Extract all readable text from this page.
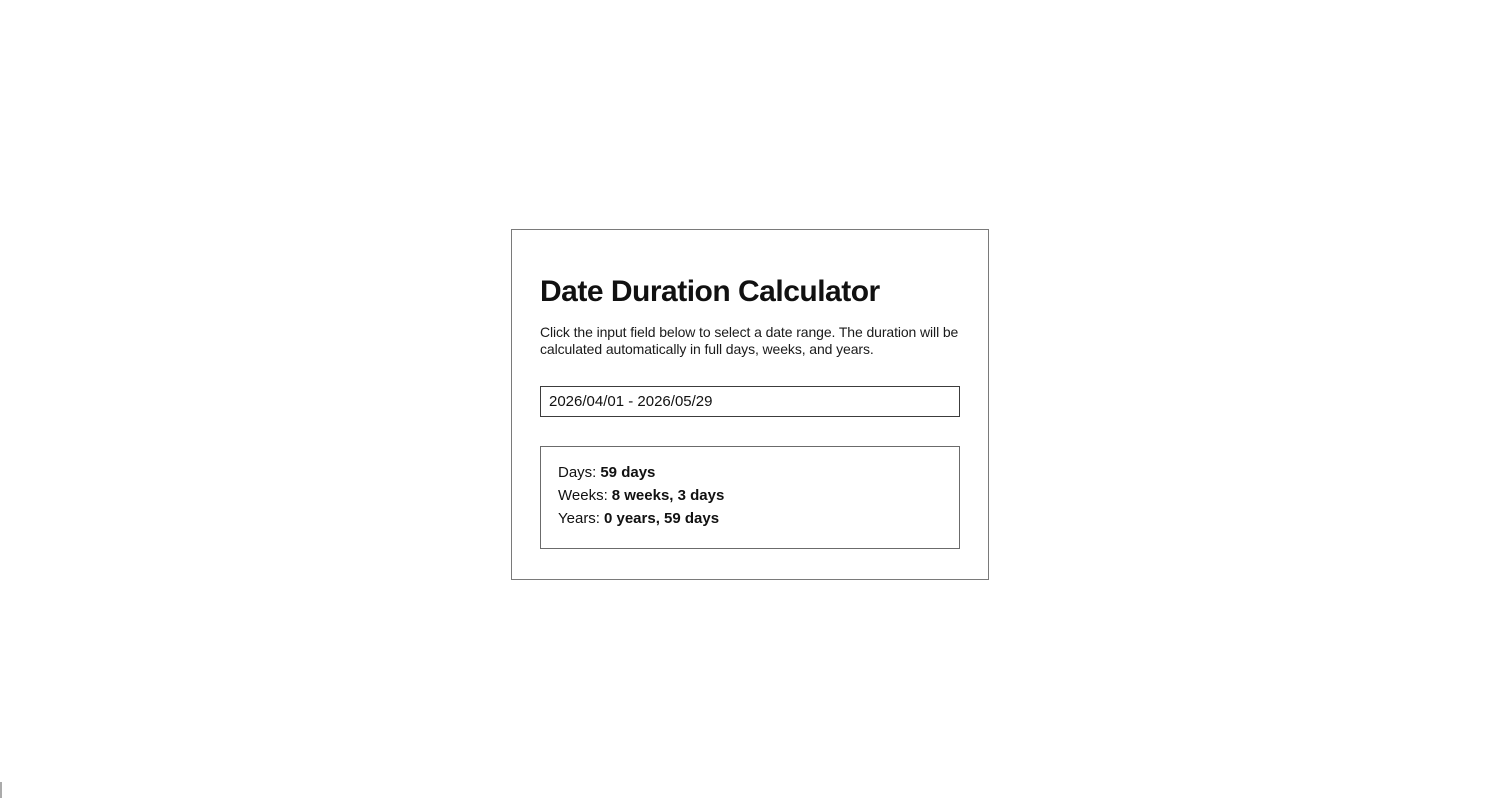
Date Duration Calculator

Click the input field below to select a date range. The duration will be calculated automatically in full days, weeks, and years.

2026/04/01 - 2026/05/29

Days: 59 days

Weeks: 8 weeks, 3 days

Years: 0 years, 59 days
